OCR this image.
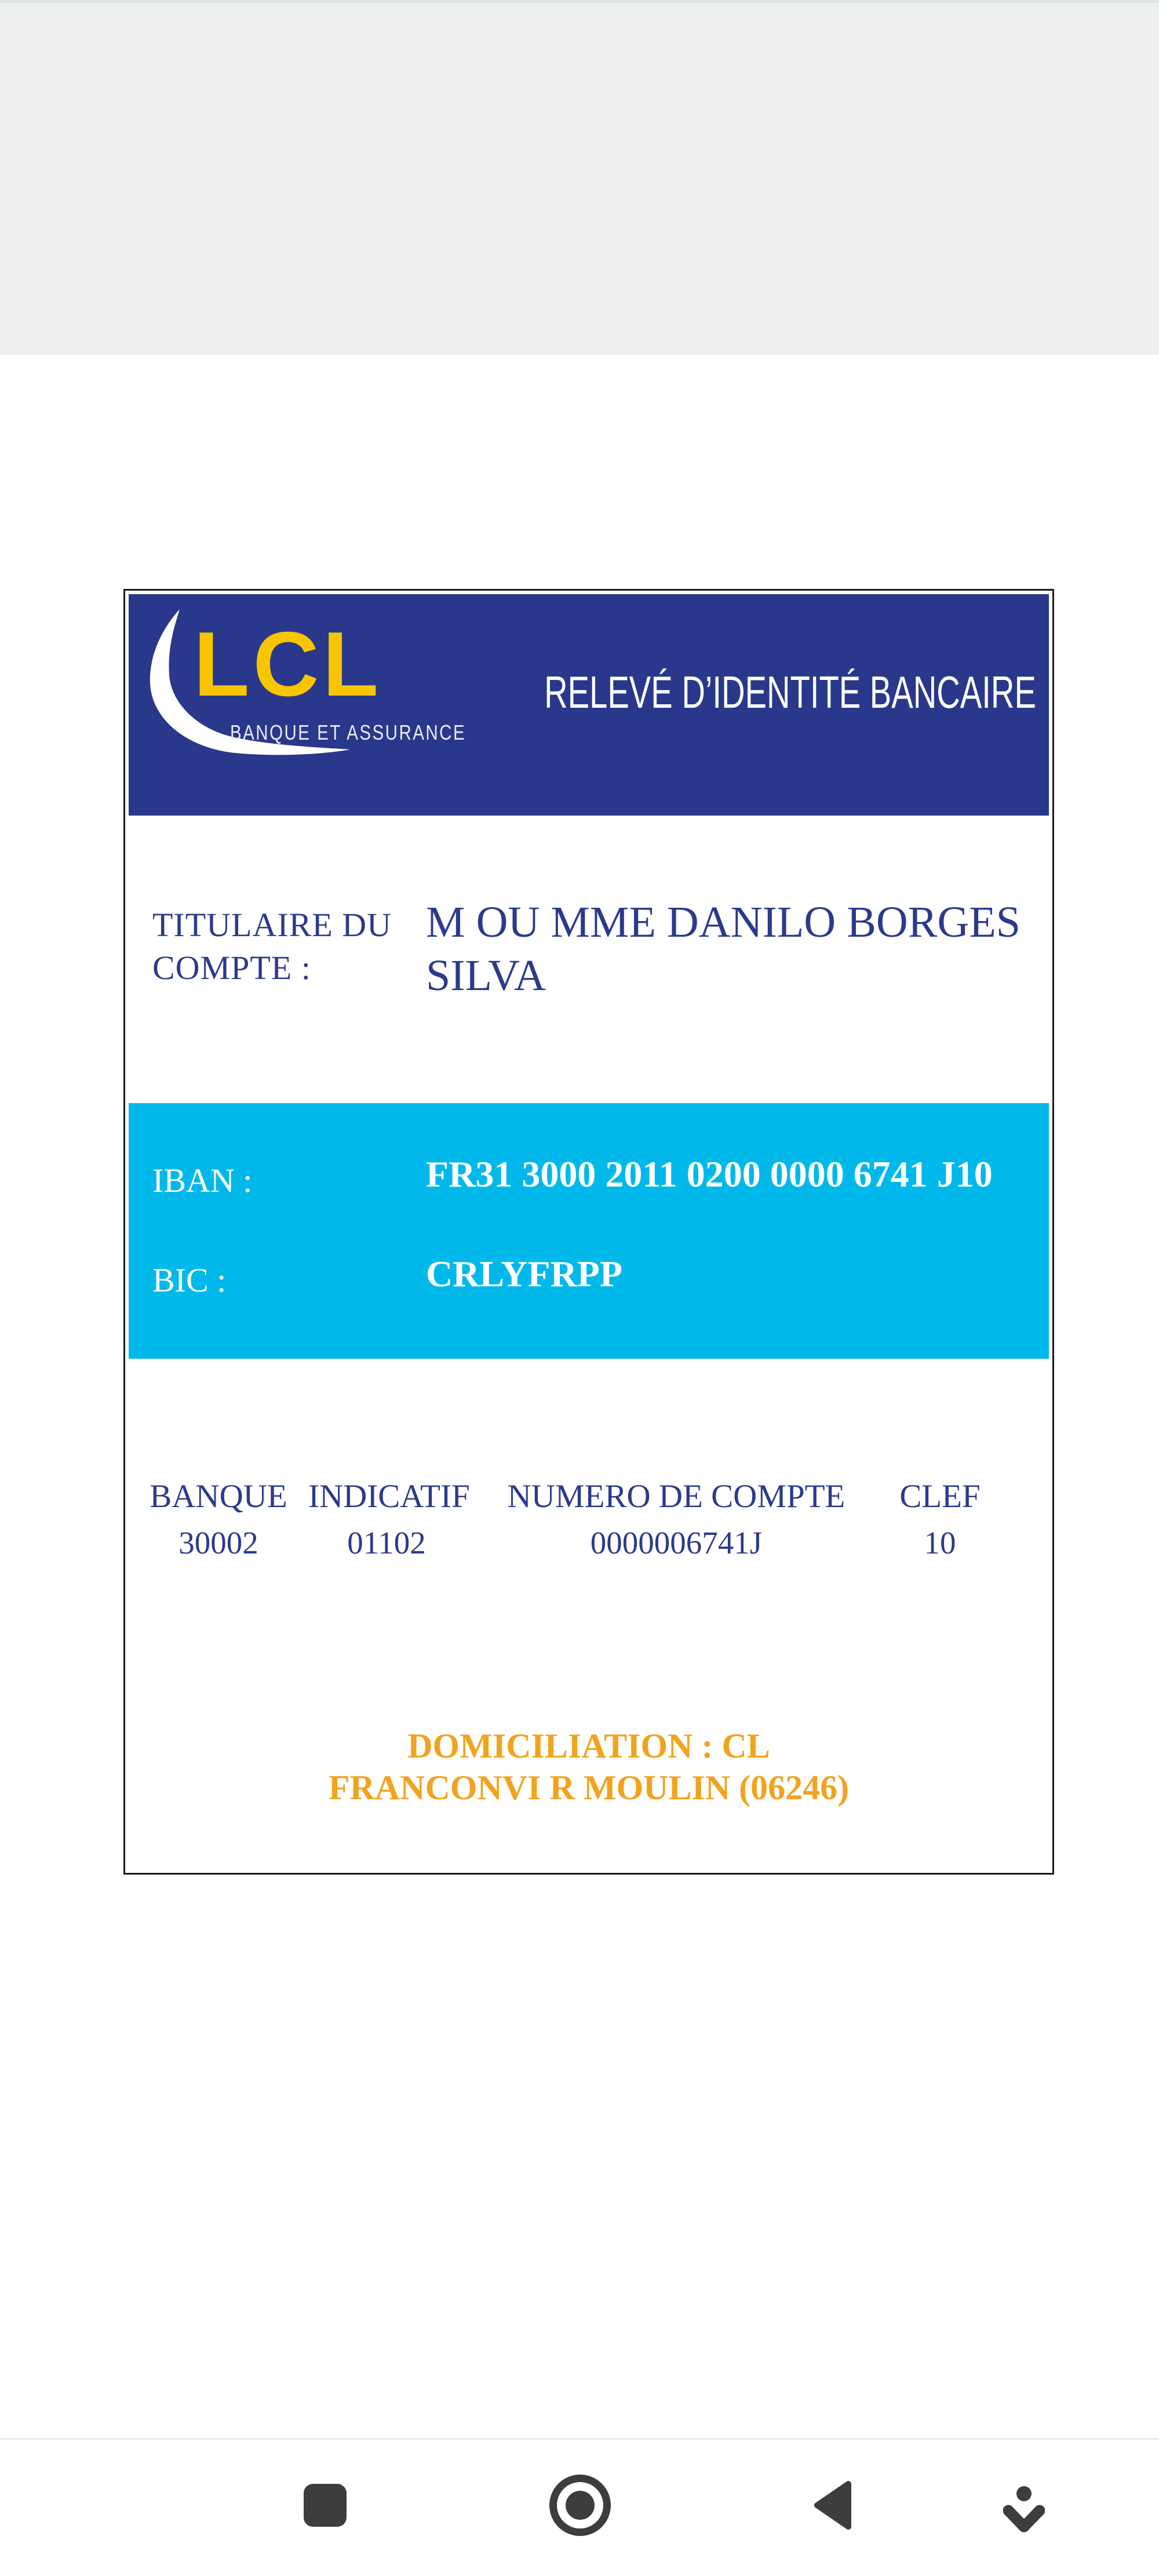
LCL
BANQUE ET ASSURANCE
RELEVÉ D’IDENTITÉ BANCAIRE
TITULAIRE DU
COMPTE :
M OU MME DANILO BORGES
SILVA
IBAN :	FR31 3000 2011 0200 0000 6741 J10
BIC :	CRLYFRPP
BANQUE INDICATIF	NUMERO DE COMPTE	CLEF
30002	01102	0000006741J	10
DOMICILIATION : CL
FRANCONVI R MOULIN (06246)
